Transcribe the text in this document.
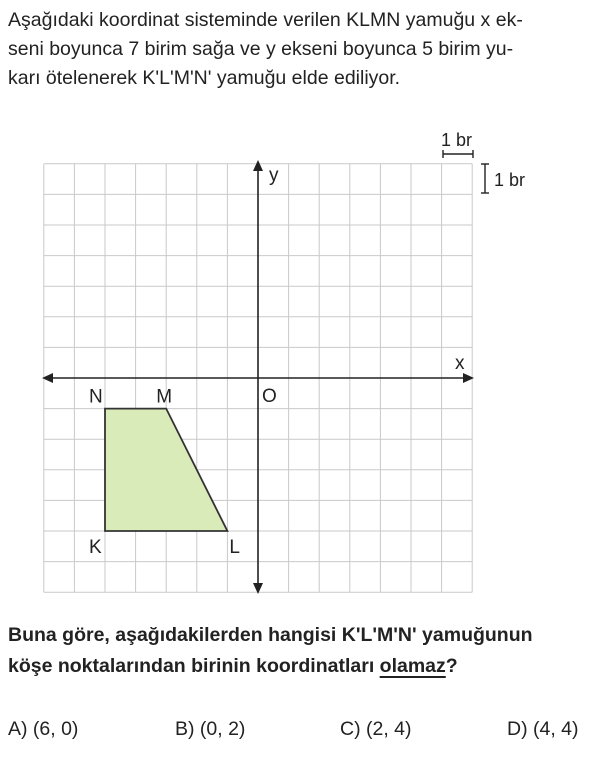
Aşağıdaki koordinat sisteminde verilen KLMN yamuğu x ek-
seni boyunca 7 birim sağa ve y ekseni boyunca 5 birim yu-
karı ötelenerek K'L'M'N' yamuğu elde ediliyor.

x
y
O
1 br
1 br
K	L
M
N

Buna göre, aşağıdakilerden hangisi K'L'M'N' yamuğunun
köşe noktalarından birinin koordinatları olamaz?

A) (6, 0)	B) (0, 2)	C) (2, 4)	D) (4, 4)
